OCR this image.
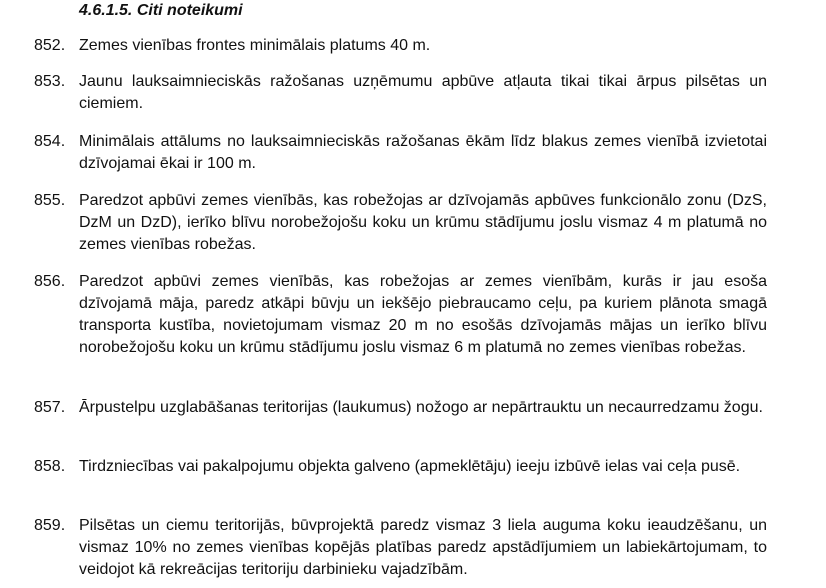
4.6.1.5. Citi noteikumi
852. Zemes vienības frontes minimālais platums 40 m.
853. Jaunu lauksaimnieciskās ražošanas uzņēmumu apbūve atļauta tikai tikai ārpus pilsētas un ciemiem.
854. Minimālais attālums no lauksaimnieciskās ražošanas ēkām līdz blakus zemes vienībā izvietotai dzīvojamai ēkai ir 100 m.
855. Paredzot apbūvi zemes vienībās, kas robežojas ar dzīvojamās apbūves funkcionālo zonu (DzS, DzM un DzD), ierīko blīvu norobežojošu koku un krūmu stādījumu joslu vismaz 4 m platumā no zemes vienības robežas.
856. Paredzot apbūvi zemes vienībās, kas robežojas ar zemes vienībām, kurās ir jau esoša dzīvojamā māja, paredz atkāpi būvju un iekšējo piebraucamo ceļu, pa kuriem plānota smagā transporta kustība, novietojumam vismaz 20 m no esošās dzīvojamās mājas un ierīko blīvu norobežojošu koku un krūmu stādījumu joslu vismaz 6 m platumā no zemes vienības robežas.
857. Ārpustelpu uzglabāšanas teritorijas (laukumus) nožogo ar nepārtrauktu un necaurredzamu žogu.
858. Tirdzniecības vai pakalpojumu objekta galveno (apmeklētāju) ieeju izbūvē ielas vai ceļa pusē.
859. Pilsētas un ciemu teritorijās, būvprojektā paredz vismaz 3 liela auguma koku ieaudzēšanu, un vismaz 10% no zemes vienības kopējās platības paredz apstādījumiem un labiekārtojumam, to veidojot kā rekreācijas teritoriju darbinieku vajadzībām.
